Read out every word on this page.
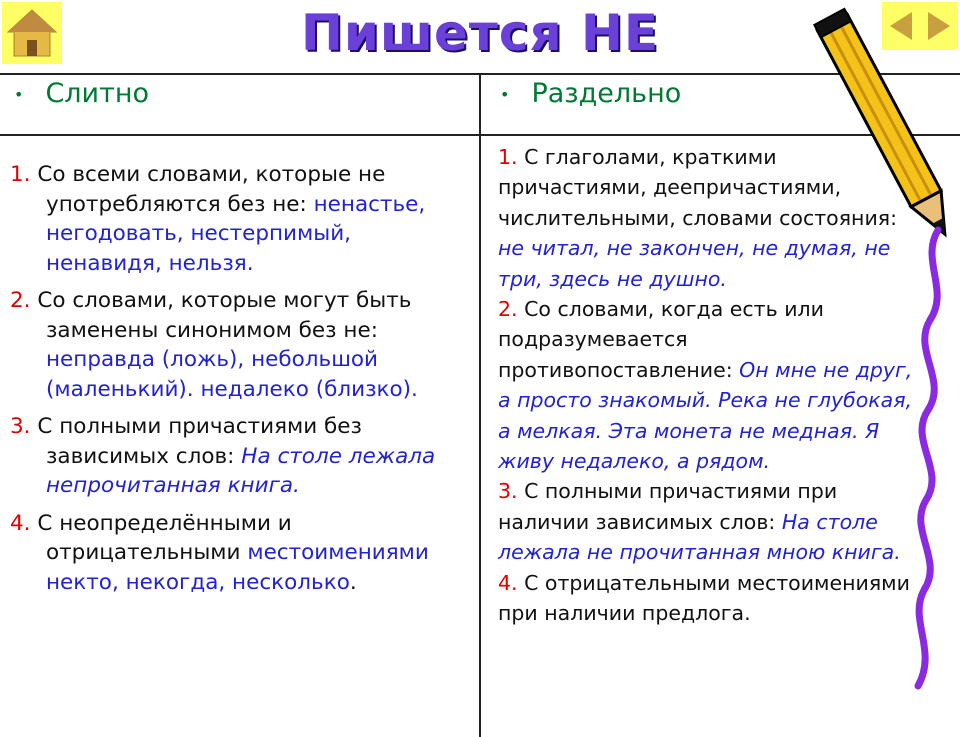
Пишется НЕ
• Слитно	• Раздельно
1. Со всеми словами, которые не употребляются без не: ненастье, негодовать, нестерпимый, ненавидя, нельзя.
2. Со словами, которые могут быть заменены синонимом без не: неправда (ложь), небольшой (маленький). недалеко (близко).
3. С полными причастиями без зависимых слов: На столе лежала непрочитанная книга.
4. С неопределёнными и отрицательными местоимениями некто, некогда, несколько.
1. С глаголами, краткими причастиями, деепричастиями, числительными, словами состояния: не читал, не закончен, не думая, не три, здесь не душно.
2. Со словами, когда есть или подразумевается противопоставление: Он мне не друг, а просто знакомый. Река не глубокая, а мелкая. Эта монета не медная. Я живу недалеко, а рядом.
3. С полными причастиями при наличии зависимых слов: На столе лежала не прочитанная мною книга.
4. С отрицательными местоимениями при наличии предлога.
